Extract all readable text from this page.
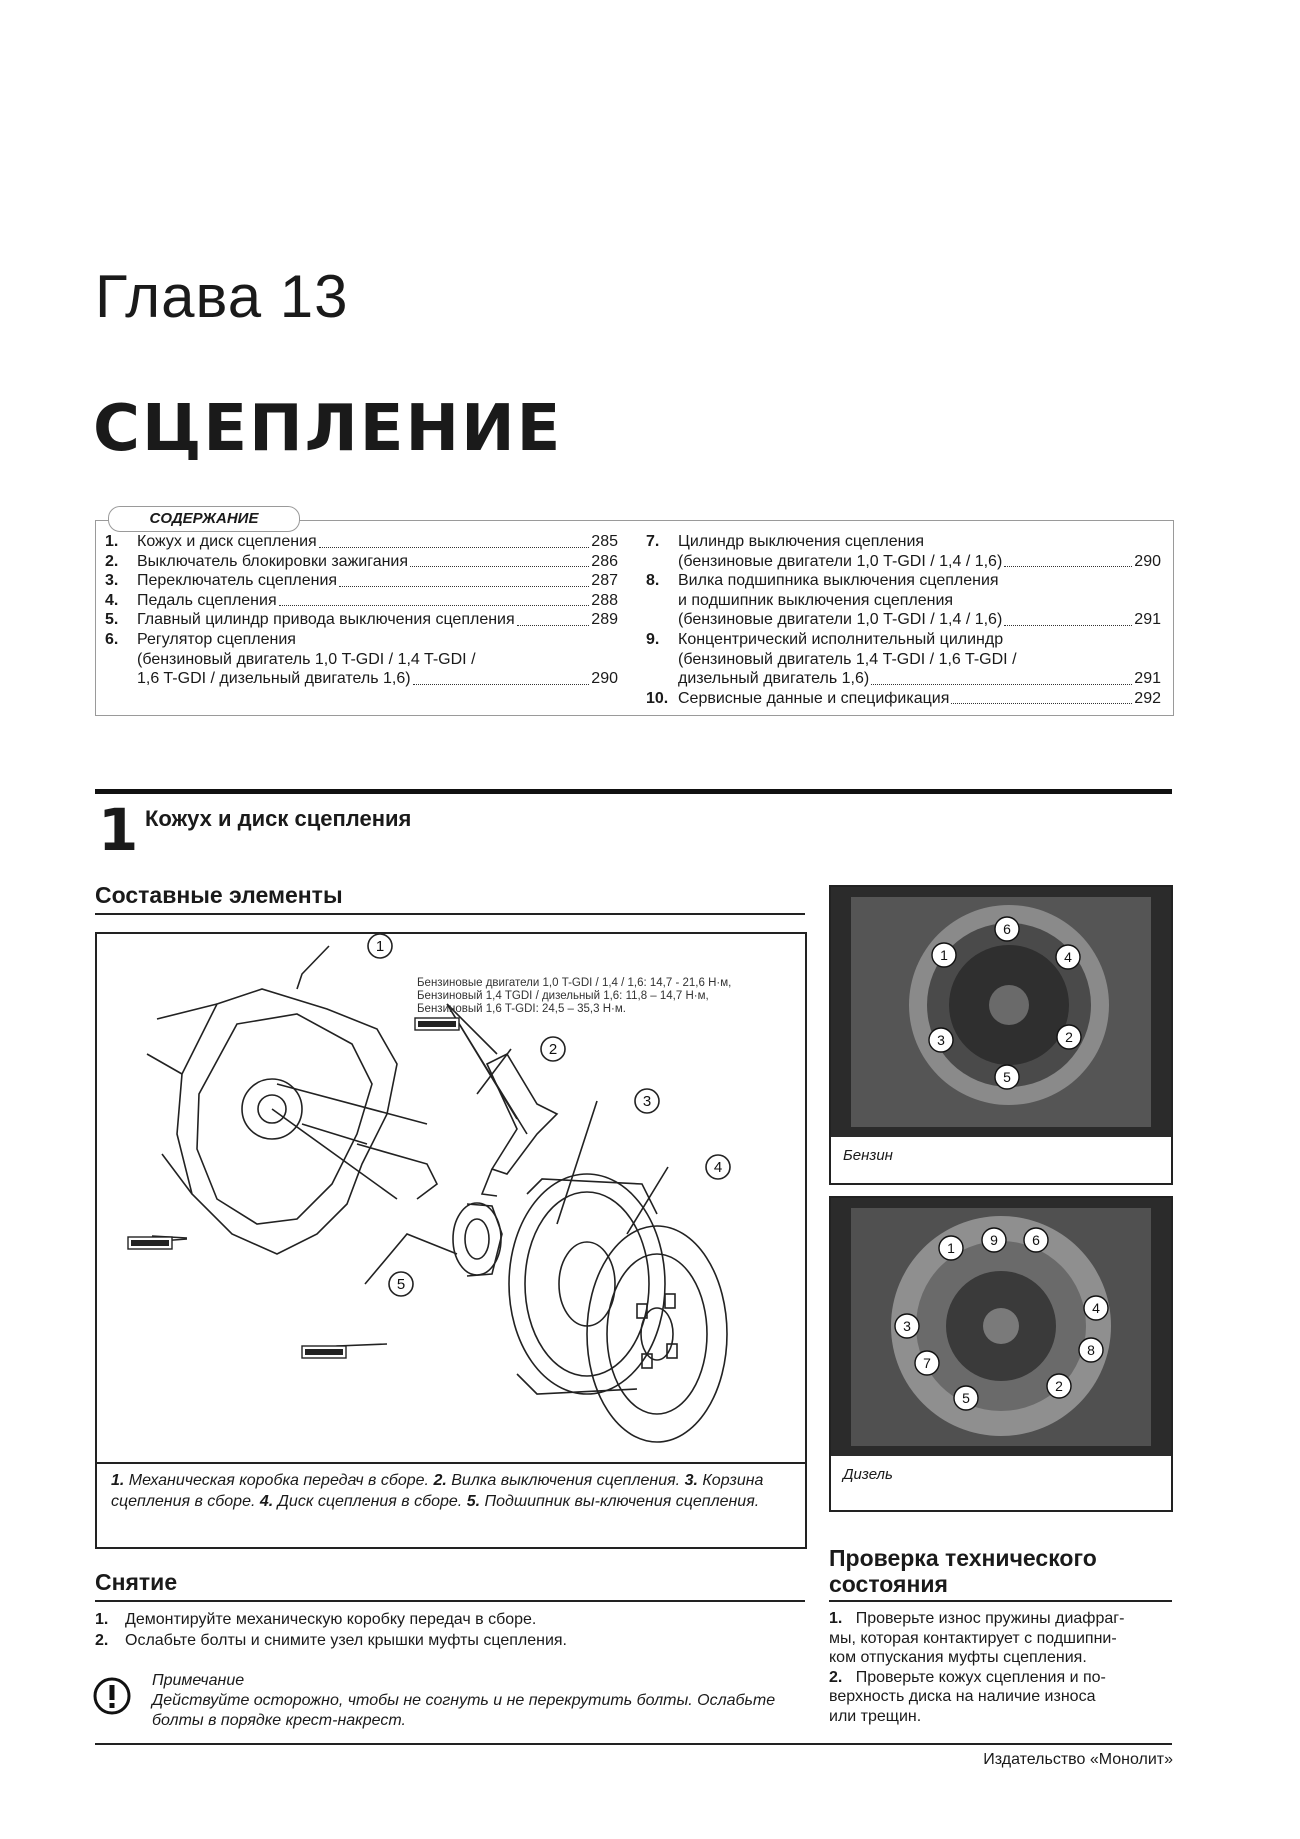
Глава 13
СЦЕПЛЕНИЕ
СОДЕРЖАНИЕ
1.	Кожух и диск сцепления	285
2.	Выключатель блокировки зажигания	286
3.	Переключатель сцепления	287
4.	Педаль сцепления	288
5.	Главный цилиндр привода выключения сцепления	289
6.	Регулятор сцепления
(бензиновый двигатель 1,0 T-GDI / 1,4 T-GDI /
1,6 T-GDI / дизельный двигатель 1,6)	290
7.	Цилиндр выключения сцепления
(бензиновые двигатели 1,0 T-GDI / 1,4 / 1,6)	290
8.	Вилка подшипника выключения сцепления
и подшипник выключения сцепления
(бензиновые двигатели 1,0 T-GDI / 1,4 / 1,6)	291
9.	Концентрический исполнительный цилиндр
(бензиновый двигатель 1,4 T-GDI / 1,6 T-GDI /
дизельный двигатель 1,6)	291
10. Сервисные данные и спецификация	292
1 Кожух и диск сцепления
Составные элементы
1
2
3
4
5
Бензиновые двигатели 1,0 T-GDI / 1,4 / 1,6: 14,7 - 21,6 Н·м,
Бензиновый 1,4 TGDI / дизельный 1,6: 11,8 – 14,7 Н·м,
Бензиновый 1,6 T-GDI: 24,5 – 35,3 Н·м.
1. Механическая коробка передач в сборе. 2. Вилка выключения сцепления. 3. Корзина сцепления в сборе. 4. Диск сцепления в сборе. 5. Подшипник вы-ключения сцепления.
1
6
4
3	2
5
Бензин
1	9 6
3
4
8
7
2
5
Дизель
Снятие
1. Демонтируйте механическую коробку передач в сборе.
2. Ослабьте болты и снимите узел крышки муфты сцепления.
Примечание
Действуйте осторожно, чтобы не согнуть и не перекрутить болты. Ослабьте
болты в порядке крест-накрест.
Проверка технического
состояния
1. Проверьте износ пружины диафраг-
мы, которая контактирует с подшипни-
ком отпускания муфты сцепления.
2. Проверьте кожух сцепления и по-
верхность диска на наличие износа
или трещин.
Издательство «Монолит»
